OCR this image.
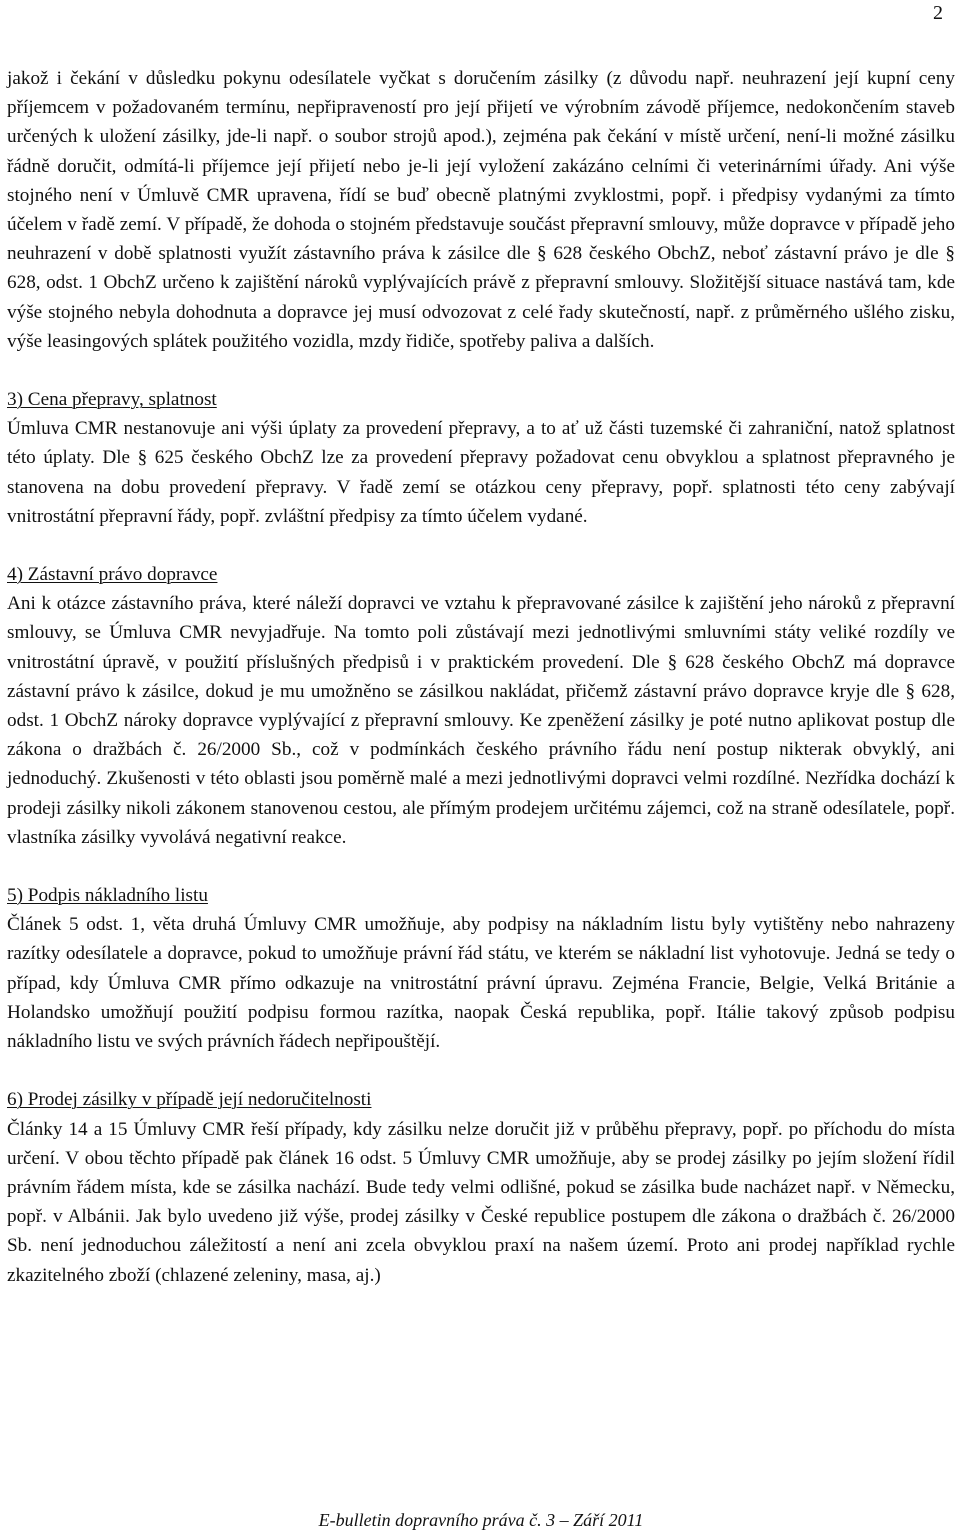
2

jakož i čekání v důsledku pokynu odesílatele vyčkat s doručením zásilky (z důvodu např. neuhrazení její kupní ceny příjemcem v požadovaném termínu, nepřipraveností pro její přijetí ve výrobním závodě příjemce, nedokončením staveb určených k uložení zásilky, jde-li např. o soubor strojů apod.), zejména pak čekání v místě určení, není-li možné zásilku řádně doručit, odmítá-li příjemce její přijetí nebo je-li její vyložení zakázáno celními či veterinárními úřady. Ani výše stojného není v Úmluvě CMR upravena, řídí se buď obecně platnými zvyklostmi, popř. i předpisy vydanými za tímto účelem v řadě zemí. V případě, že dohoda o stojném představuje součást přepravní smlouvy, může dopravce v případě jeho neuhrazení v době splatnosti využít zástavního práva k zásilce dle § 628 českého ObchZ, neboť zástavní právo je dle § 628, odst. 1 ObchZ určeno k zajištění nároků vyplývajících právě z přepravní smlouvy. Složitější situace nastává tam, kde výše stojného nebyla dohodnuta a dopravce jej musí odvozovat z celé řady skutečností, např. z průměrného ušlého zisku, výše leasingových splátek použitého vozidla, mzdy řidiče, spotřeby paliva a dalších.

3) Cena přepravy, splatnost

Úmluva CMR nestanovuje ani výši úplaty za provedení přepravy, a to ať už části tuzemské či zahraniční, natož splatnost této úplaty. Dle § 625 českého ObchZ lze za provedení přepravy požadovat cenu obvyklou a splatnost přepravného je stanovena na dobu provedení přepravy. V řadě zemí se otázkou ceny přepravy, popř. splatnosti této ceny zabývají vnitrostátní přepravní řády, popř. zvláštní předpisy za tímto účelem vydané.

4) Zástavní právo dopravce

Ani k otázce zástavního práva, které náleží dopravci ve vztahu k přepravované zásilce k zajištění jeho nároků z přepravní smlouvy, se Úmluva CMR nevyjadřuje. Na tomto poli zůstávají mezi jednotlivými smluvními státy veliké rozdíly ve vnitrostátní úpravě, v použití příslušných předpisů i v praktickém provedení. Dle § 628 českého ObchZ má dopravce zástavní právo k zásilce, dokud je mu umožněno se zásilkou nakládat, přičemž zástavní právo dopravce kryje dle § 628, odst. 1 ObchZ nároky dopravce vyplývající z přepravní smlouvy. Ke zpeněžení zásilky je poté nutno aplikovat postup dle zákona o dražbách č. 26/2000 Sb., což v podmínkách českého právního řádu není postup nikterak obvyklý, ani jednoduchý. Zkušenosti v této oblasti jsou poměrně malé a mezi jednotlivými dopravci velmi rozdílné. Nezřídka dochází k prodeji zásilky nikoli zákonem stanovenou cestou, ale přímým prodejem určitému zájemci, což na straně odesílatele, popř. vlastníka zásilky vyvolává negativní reakce.

5) Podpis nákladního listu

Článek 5 odst. 1, věta druhá Úmluvy CMR umožňuje, aby podpisy na nákladním listu byly vytištěny nebo nahrazeny razítky odesílatele a dopravce, pokud to umožňuje právní řád státu, ve kterém se nákladní list vyhotovuje. Jedná se tedy o případ, kdy Úmluva CMR přímo odkazuje na vnitrostátní právní úpravu. Zejména Francie, Belgie, Velká Británie a Holandsko umožňují použití podpisu formou razítka, naopak Česká republika, popř. Itálie takový způsob podpisu nákladního listu ve svých právních řádech nepřipouštějí.

6) Prodej zásilky v případě její nedoručitelnosti

Články 14 a 15 Úmluvy CMR řeší případy, kdy zásilku nelze doručit již v průběhu přepravy, popř. po příchodu do místa určení. V obou těchto případě pak článek 16 odst. 5 Úmluvy CMR umožňuje, aby se prodej zásilky po jejím složení řídil právním řádem místa, kde se zásilka nachází. Bude tedy velmi odlišné, pokud se zásilka bude nacházet např. v Německu, popř. v Albánii. Jak bylo uvedeno již výše, prodej zásilky v České republice postupem dle zákona o dražbách č. 26/2000 Sb. není jednoduchou záležitostí a není ani zcela obvyklou praxí na našem území. Proto ani prodej například rychle zkazitelného zboží (chlazené zeleniny, masa, aj.)

E-bulletin dopravního práva č. 3 – Září 2011
